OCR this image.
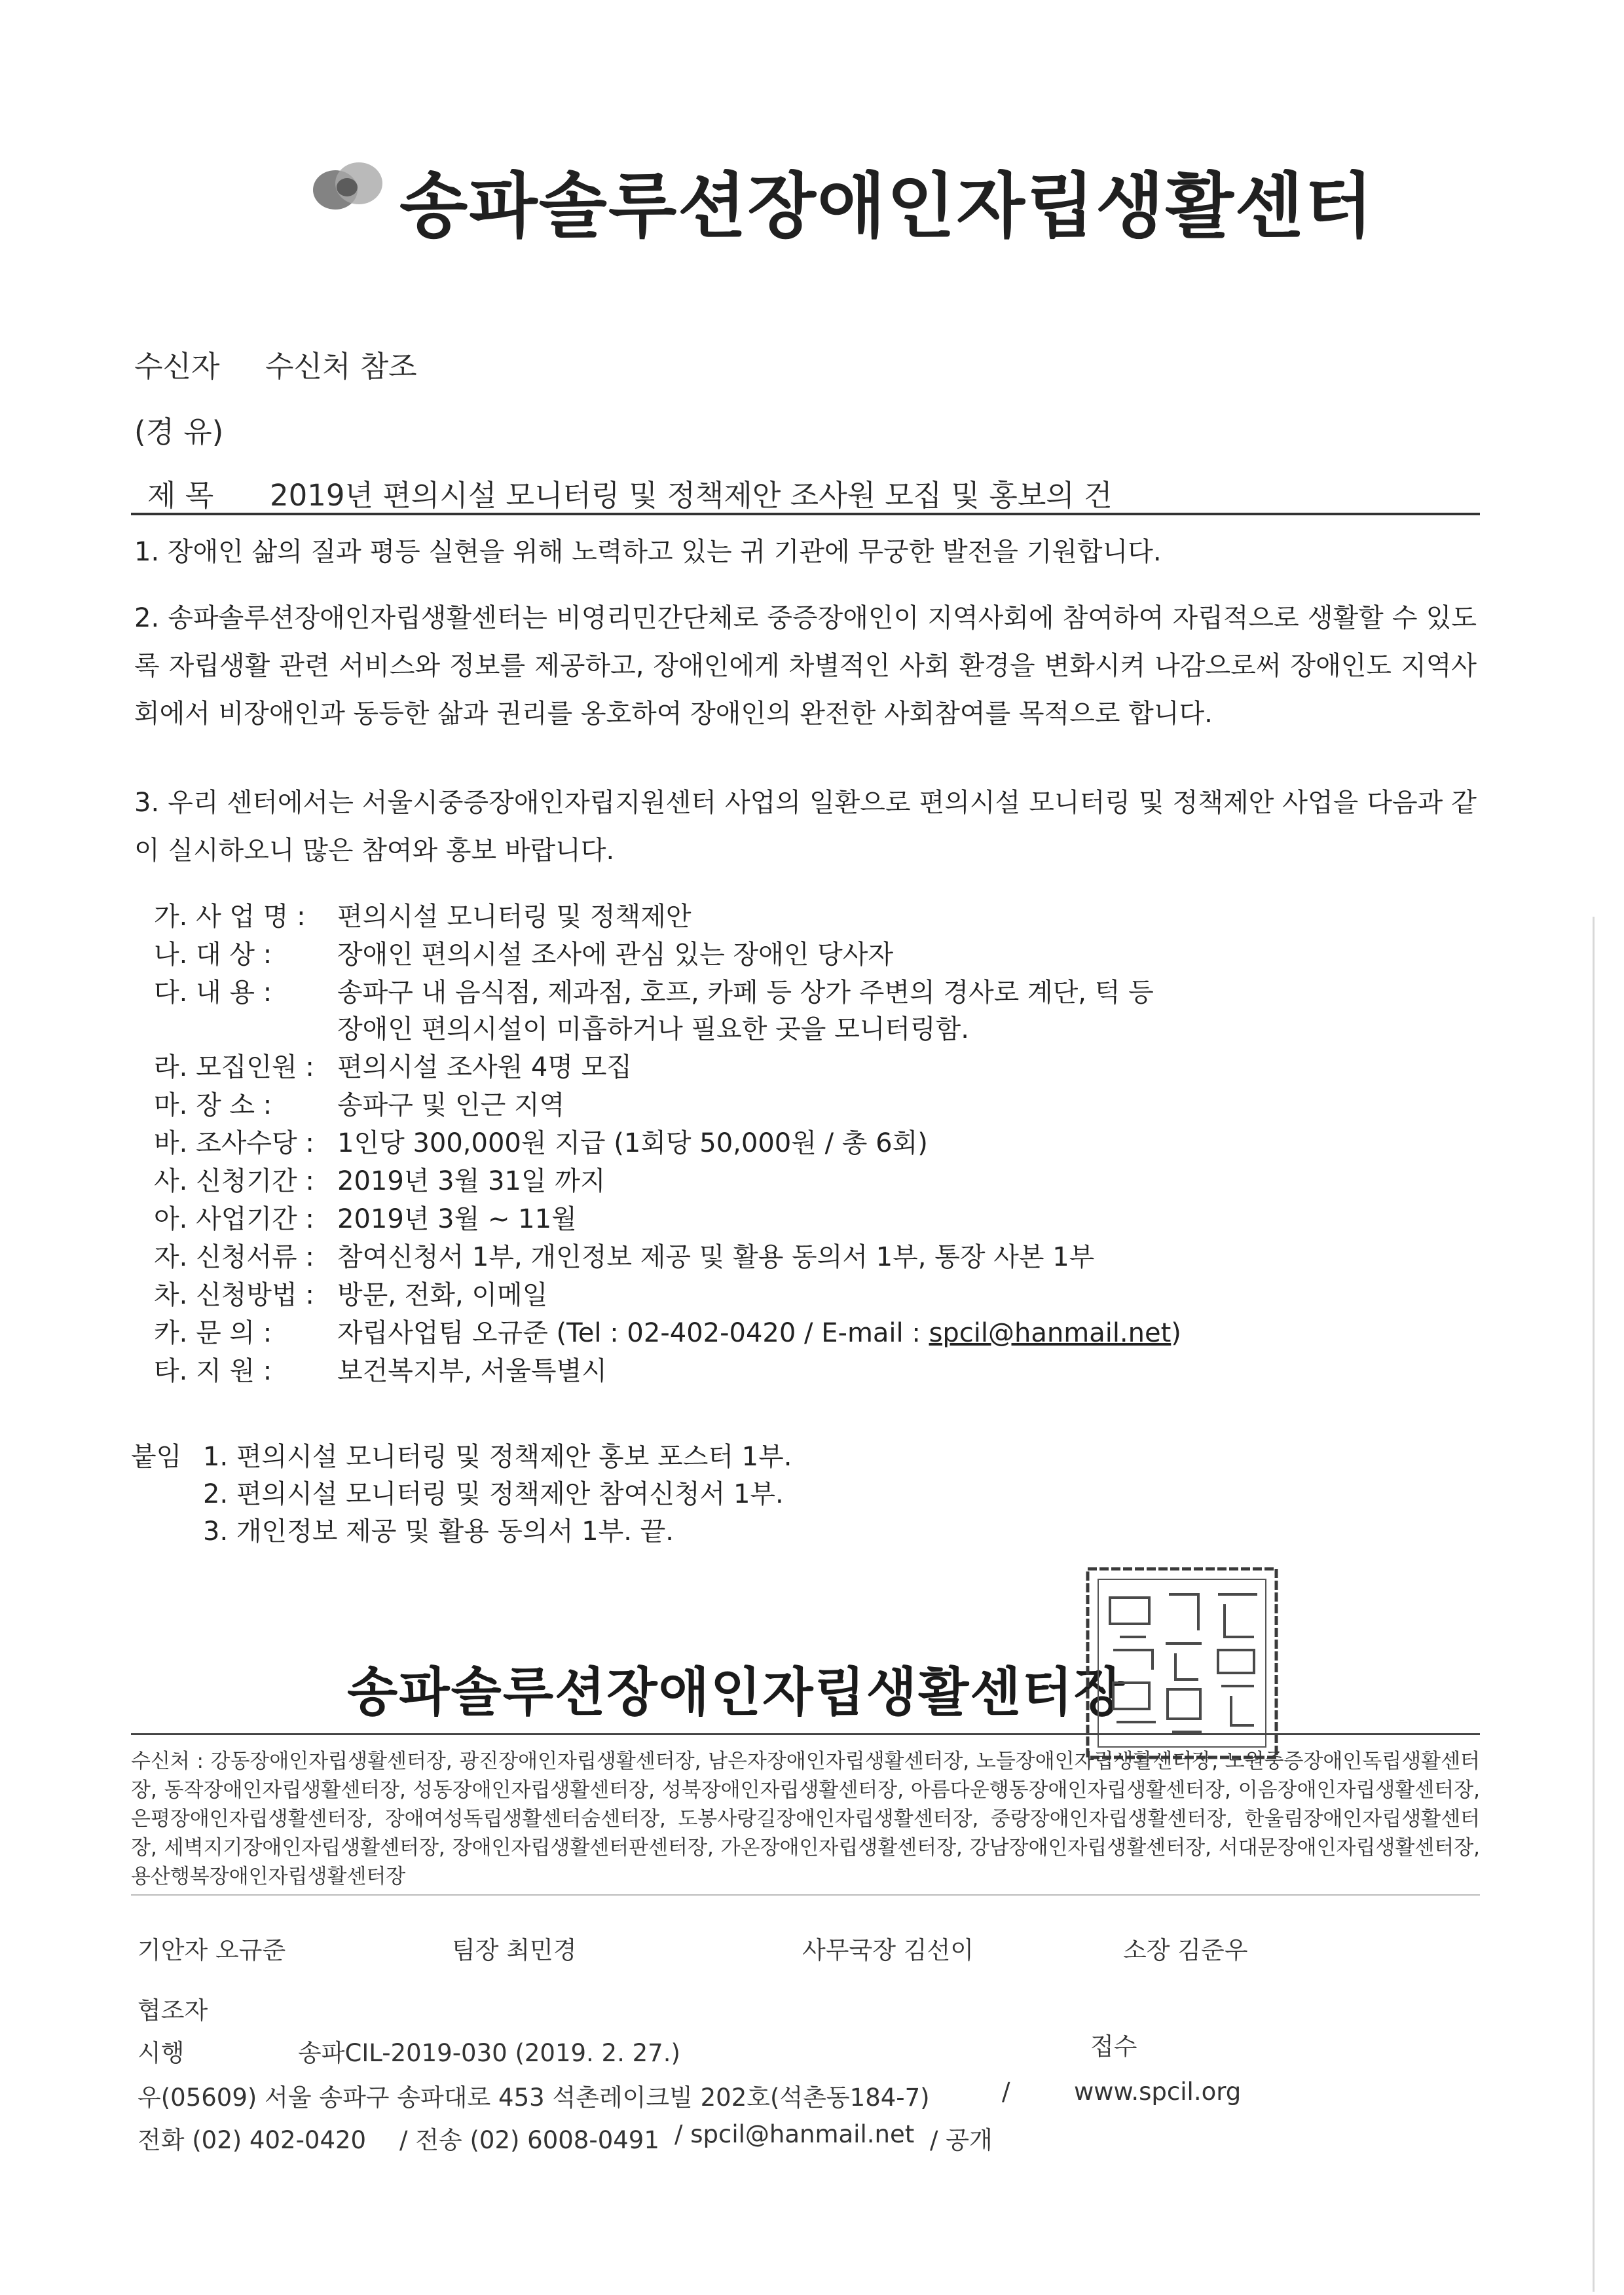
송파솔루션장애인자립생활센터
수신자 수신처 참조
(경 유)
제 목 2019년 편의시설 모니터링 및 정책제안 조사원 모집 및 홍보의 건
1. 장애인 삶의 질과 평등 실현을 위해 노력하고 있는 귀 기관에 무궁한 발전을 기원합니다.
2. 송파솔루션장애인자립생활센터는 비영리민간단체로 중증장애인이 지역사회에 참여하여 자립적으로 생활할 수 있도록 자립생활 관련 서비스와 정보를 제공하고, 장애인에게 차별적인 사회 환경을 변화시켜 나감으로써 장애인도 지역사회에서 비장애인과 동등한 삶과 권리를 옹호하여 장애인의 완전한 사회참여를 목적으로 합니다.
3. 우리 센터에서는 서울시중증장애인자립지원센터 사업의 일환으로 편의시설 모니터링 및 정책제안 사업을 다음과 같이 실시하오니 많은 참여와 홍보 바랍니다.
가. 사 업 명 : 편의시설 모니터링 및 정책제안
나. 대 상 : 장애인 편의시설 조사에 관심 있는 장애인 당사자
다. 내 용 : 송파구 내 음식점, 제과점, 호프, 카페 등 상가 주변의 경사로 계단, 턱 등
장애인 편의시설이 미흡하거나 필요한 곳을 모니터링함.
라. 모집인원 : 편의시설 조사원 4명 모집
마. 장 소 : 송파구 및 인근 지역
바. 조사수당 : 1인당 300,000원 지급 (1회당 50,000원 / 총 6회)
사. 신청기간 : 2019년 3월 31일 까지
아. 사업기간 : 2019년 3월 ~ 11월
자. 신청서류 : 참여신청서 1부, 개인정보 제공 및 활용 동의서 1부, 통장 사본 1부
차. 신청방법 : 방문, 전화, 이메일
카. 문 의 : 자립사업팀 오규준 (Tel : 02-402-0420 / E-mail : spcil@hanmail.net)
타. 지 원 : 보건복지부, 서울특별시
붙임 1. 편의시설 모니터링 및 정책제안 홍보 포스터 1부.
2. 편의시설 모니터링 및 정책제안 참여신청서 1부.
3. 개인정보 제공 및 활용 동의서 1부. 끝.
송파솔루션장애인자립생활센터장
수신처 : 강동장애인자립생활센터장, 광진장애인자립생활센터장, 남은자장애인자립생활센터장, 노들장애인자립생활센터장, 노원중증장애인독립생활센터장, 동작장애인자립생활센터장, 성동장애인자립생활센터장, 성북장애인자립생활센터장, 아름다운행동장애인자립생활센터장, 이음장애인자립생활센터장, 은평장애인자립생활센터장, 장애여성독립생활센터숨센터장, 도봉사랑길장애인자립생활센터장, 중랑장애인자립생활센터장, 한울림장애인자립생활센터장, 세벽지기장애인자립생활센터장, 장애인자립생활센터판센터장, 가온장애인자립생활센터장, 강남장애인자립생활센터장, 서대문장애인자립생활센터장, 용산행복장애인자립생활센터장
기안자 오규준	팀장 최민경	사무국장 김선이	소장 김준우
협조자
시행	송파CIL-2019-030 (2019. 2. 27.)	접수
우(05609) 서울 송파구 송파대로 453 석촌레이크빌 202호(석촌동184-7)	/	www.spcil.org
전화 (02) 402-0420 / 전송 (02) 6008-0491 / spcil@hanmail.net / 공개
